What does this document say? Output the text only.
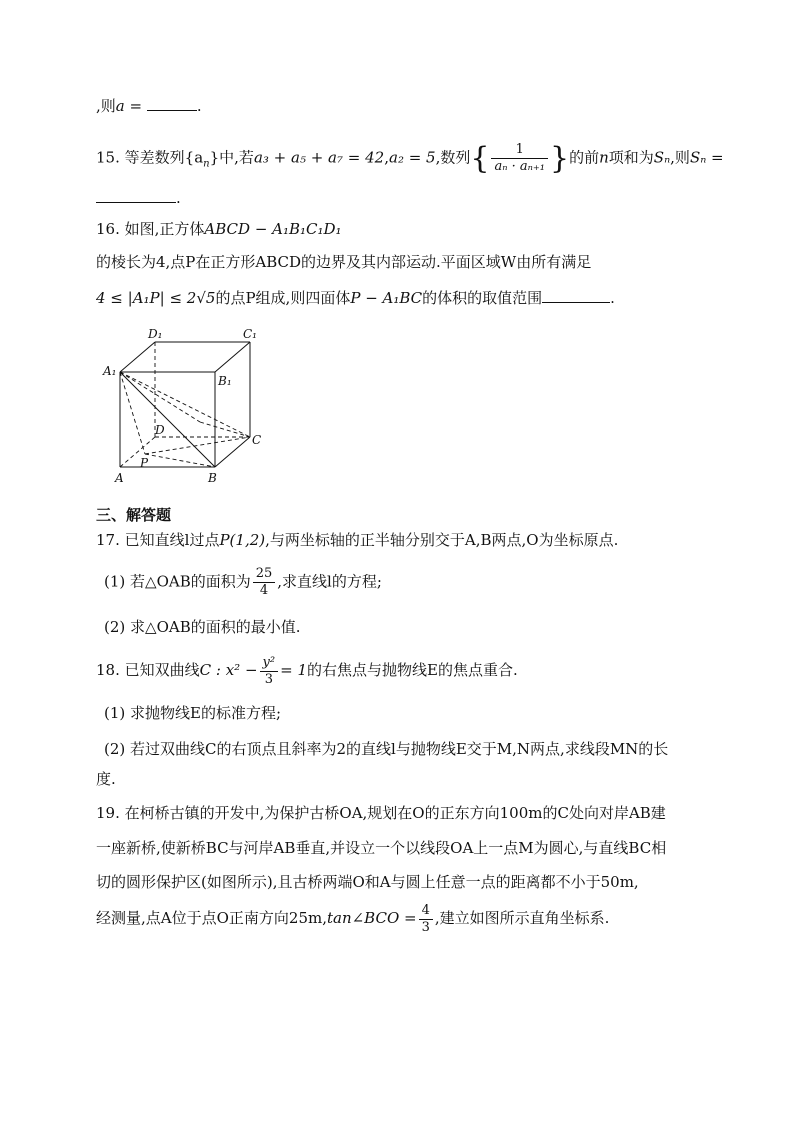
,则a =	.
15. 等差数列$\{a_n\}$中,若a₃ + a₅ + a₇ = 42,a₂ = 5,数列{ $\frac{1}{\text{aₙ · aₙ₊₁}}$ }的前n项和为Sₙ,则Sₙ =
.
16. 如图,正方体ABCD − A₁B₁C₁D₁
的棱长为4,点P在正方形ABCD的边界及其内部运动.平面区域W由所有满足
4 ≤ |A₁P| ≤ 2√5的点P组成,则四面体P − A₁BC的体积的取值范围	.
D₁	C₁
A₁
B₁
D
C
P
A	B
三、解答题
17. 已知直线l过点P(1,2),与两坐标轴的正半轴分别交于A,B两点,O为坐标原点.
(1) 若△OAB的面积为 $\frac{25}{4}$ ,求直线l的方程;
(2) 求△OAB的面积的最小值.
18. 已知双曲线C : $x^2 - \frac{\text{y²}}{3} = 1$的右焦点与抛物线E的焦点重合.
(1) 求抛物线E的标准方程;
(2) 若过双曲线C的右顶点且斜率为2的直线l与抛物线E交于M,N两点,求线段MN的长
度.
19. 在柯桥古镇的开发中,为保护古桥OA,规划在O的正东方向100m的C处向对岸AB建
一座新桥,使新桥BC与河岸AB垂直,并设立一个以线段OA上一点M为圆心,与直线BC相
切的圆形保护区(如图所示),且古桥两端O和A与圆上任意一点的距离都不小于50m,
经测量,点A位于点O正南方向25m,tan∠BCO = $\frac{4}{3}$ ,建立如图所示直角坐标系.
